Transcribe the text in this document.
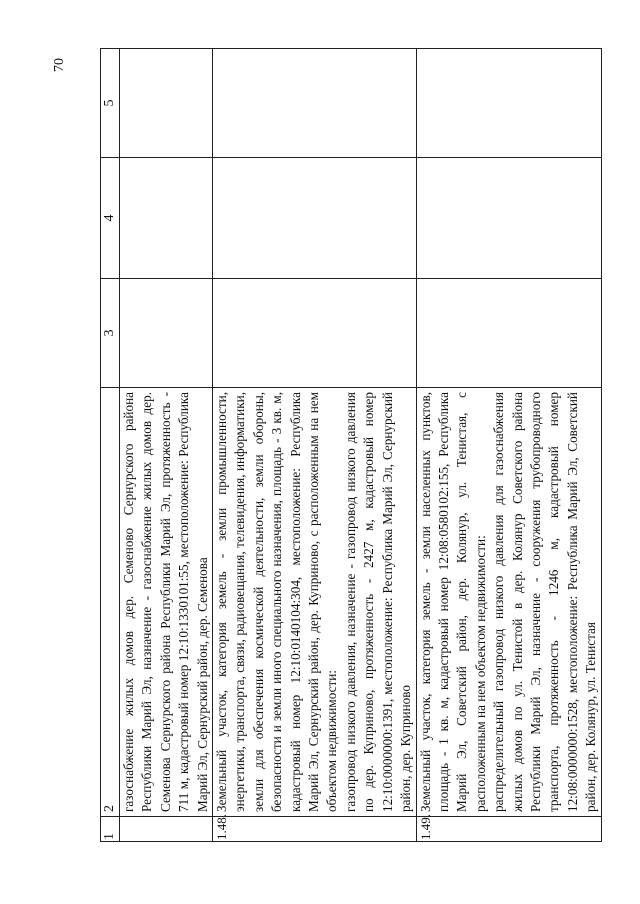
70
1	2	3	4	5

	газоснабжение жилых домов дер. Семеново Сернурского района Республики Марий Эл, назначение - газоснабжение жилых домов дер. Семенова Сернурского района Республики Марий Эл, протяженность - 711 м, кадастровый номер 12:10:1330101:55, местоположение: Республика Марий Эл, Сернурский район, дер. Семенова			

1.48.	Земельный участок, категория земель - земли промышленности, энергетики, транспорта, связи, радиовещания, телевидения, информатики, земли для обеспечения космической деятельности, земли обороны, безопасности и земли иного специального назначения, площадь - 3 кв. м, кадастровый номер 12:10:0140104:304, местоположение: Республика Марий Эл, Сернурский район, дер. Куприново, с расположенным на нем объектом недвижимости: газопровод низкого давления, назначение - газопровод низкого давления по дер. Куприново, протяженность - 2427 м, кадастровый номер 12:10:0000000:1391, местоположение: Республика Марий Эл, Сернурский район, дер. Куприново			

1.49.	Земельный участок, категория земель - земли населенных пунктов, площадь - 1 кв. м, кадастровый номер 12:08:0580102:155, Республика Марий Эл, Советский район, дер. Колянур, ул. Тенистая, с расположенным на нем объектом недвижимости: распределительный газопровод низкого давления для газоснабжения жилых домов по ул. Тенистой в дер. Колянур Советского района Республики Марий Эл, назначение - сооружения трубопроводного транспорта, протяженность - 1246 м, кадастровый номер 12:08:0000000:1528, местоположение: Республика Марий Эл, Советский район, дер. Колянур, ул. Тенистая			
